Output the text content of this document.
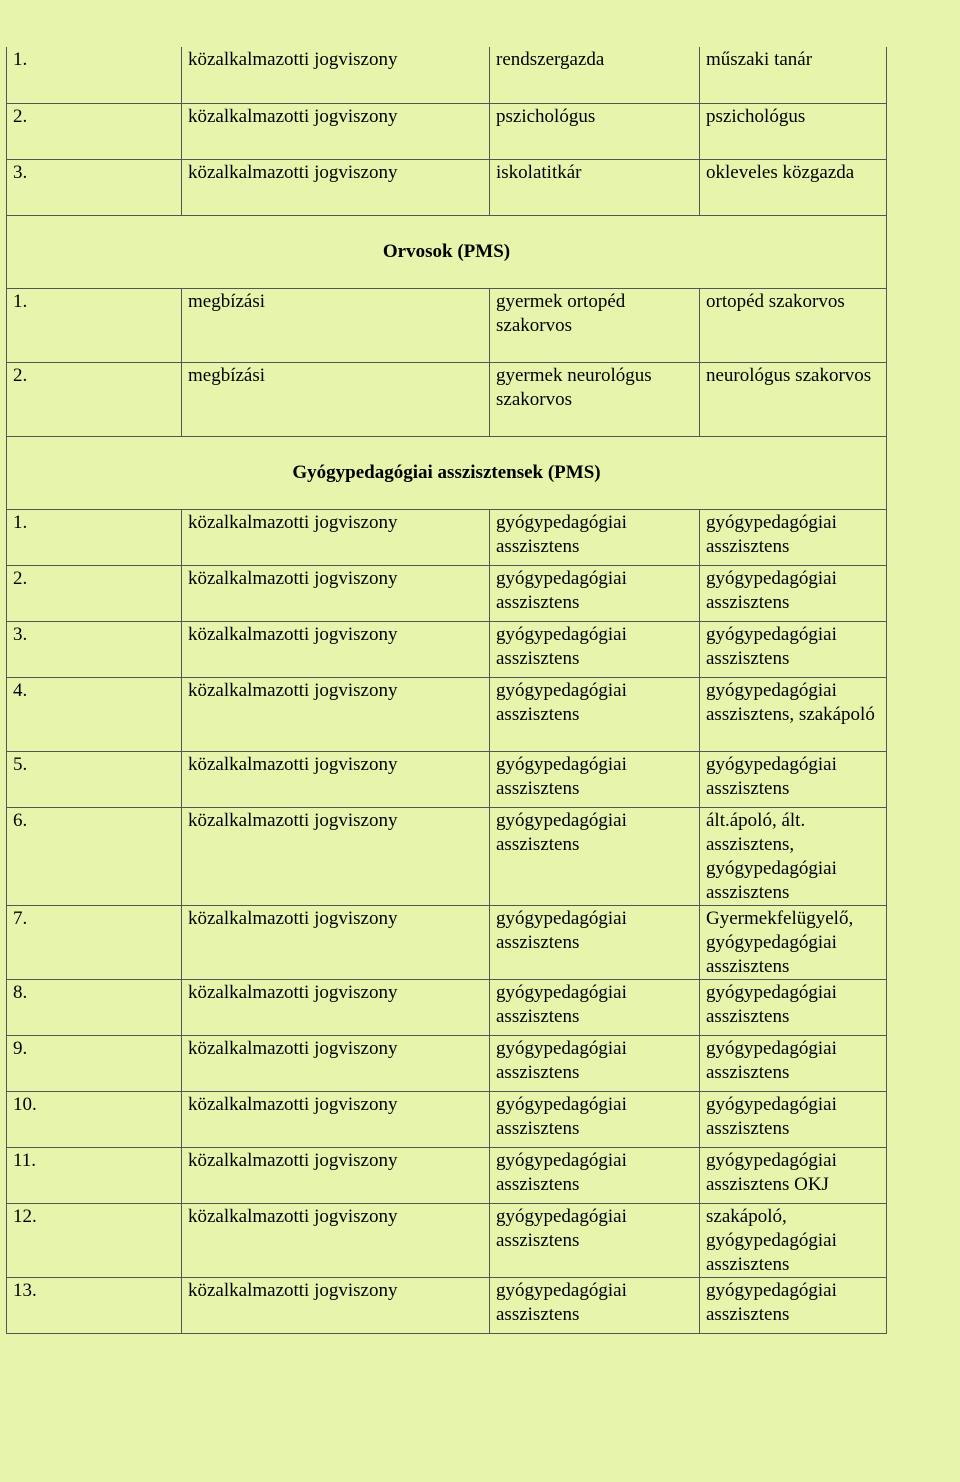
1.	közalkalmazotti jogviszony	rendszergazda	műszaki tanár
2.	közalkalmazotti jogviszony	pszichológus	pszichológus
3.	közalkalmazotti jogviszony	iskolatitkár	okleveles közgazda
Orvosok (PMS)			
1.	megbízási	gyermek ortopéd szakorvos	ortopéd szakorvos
2.	megbízási	gyermek neurológus szakorvos	neurológus szakorvos
Gyógypedagógiai asszisztensek (PMS)			
1.	közalkalmazotti jogviszony	gyógypedagógiai asszisztens	gyógypedagógiai asszisztens
2.	közalkalmazotti jogviszony	gyógypedagógiai asszisztens	gyógypedagógiai asszisztens
3.	közalkalmazotti jogviszony	gyógypedagógiai asszisztens	gyógypedagógiai asszisztens
4.	közalkalmazotti jogviszony	gyógypedagógiai asszisztens	gyógypedagógiai asszisztens, szakápoló
5.	közalkalmazotti jogviszony	gyógypedagógiai asszisztens	gyógypedagógiai asszisztens
6.	közalkalmazotti jogviszony	gyógypedagógiai asszisztens	ált.ápoló, ált. asszisztens, gyógypedagógiai asszisztens
7.	közalkalmazotti jogviszony	gyógypedagógiai asszisztens	Gyermekfelügyelő, gyógypedagógiai asszisztens
8.	közalkalmazotti jogviszony	gyógypedagógiai asszisztens	gyógypedagógiai asszisztens
9.	közalkalmazotti jogviszony	gyógypedagógiai asszisztens	gyógypedagógiai asszisztens
10.	közalkalmazotti jogviszony	gyógypedagógiai asszisztens	gyógypedagógiai asszisztens
11.	közalkalmazotti jogviszony	gyógypedagógiai asszisztens	gyógypedagógiai asszisztens OKJ
12.	közalkalmazotti jogviszony	gyógypedagógiai asszisztens	szakápoló, gyógypedagógiai asszisztens
13.	közalkalmazotti jogviszony	gyógypedagógiai asszisztens	gyógypedagógiai asszisztens
